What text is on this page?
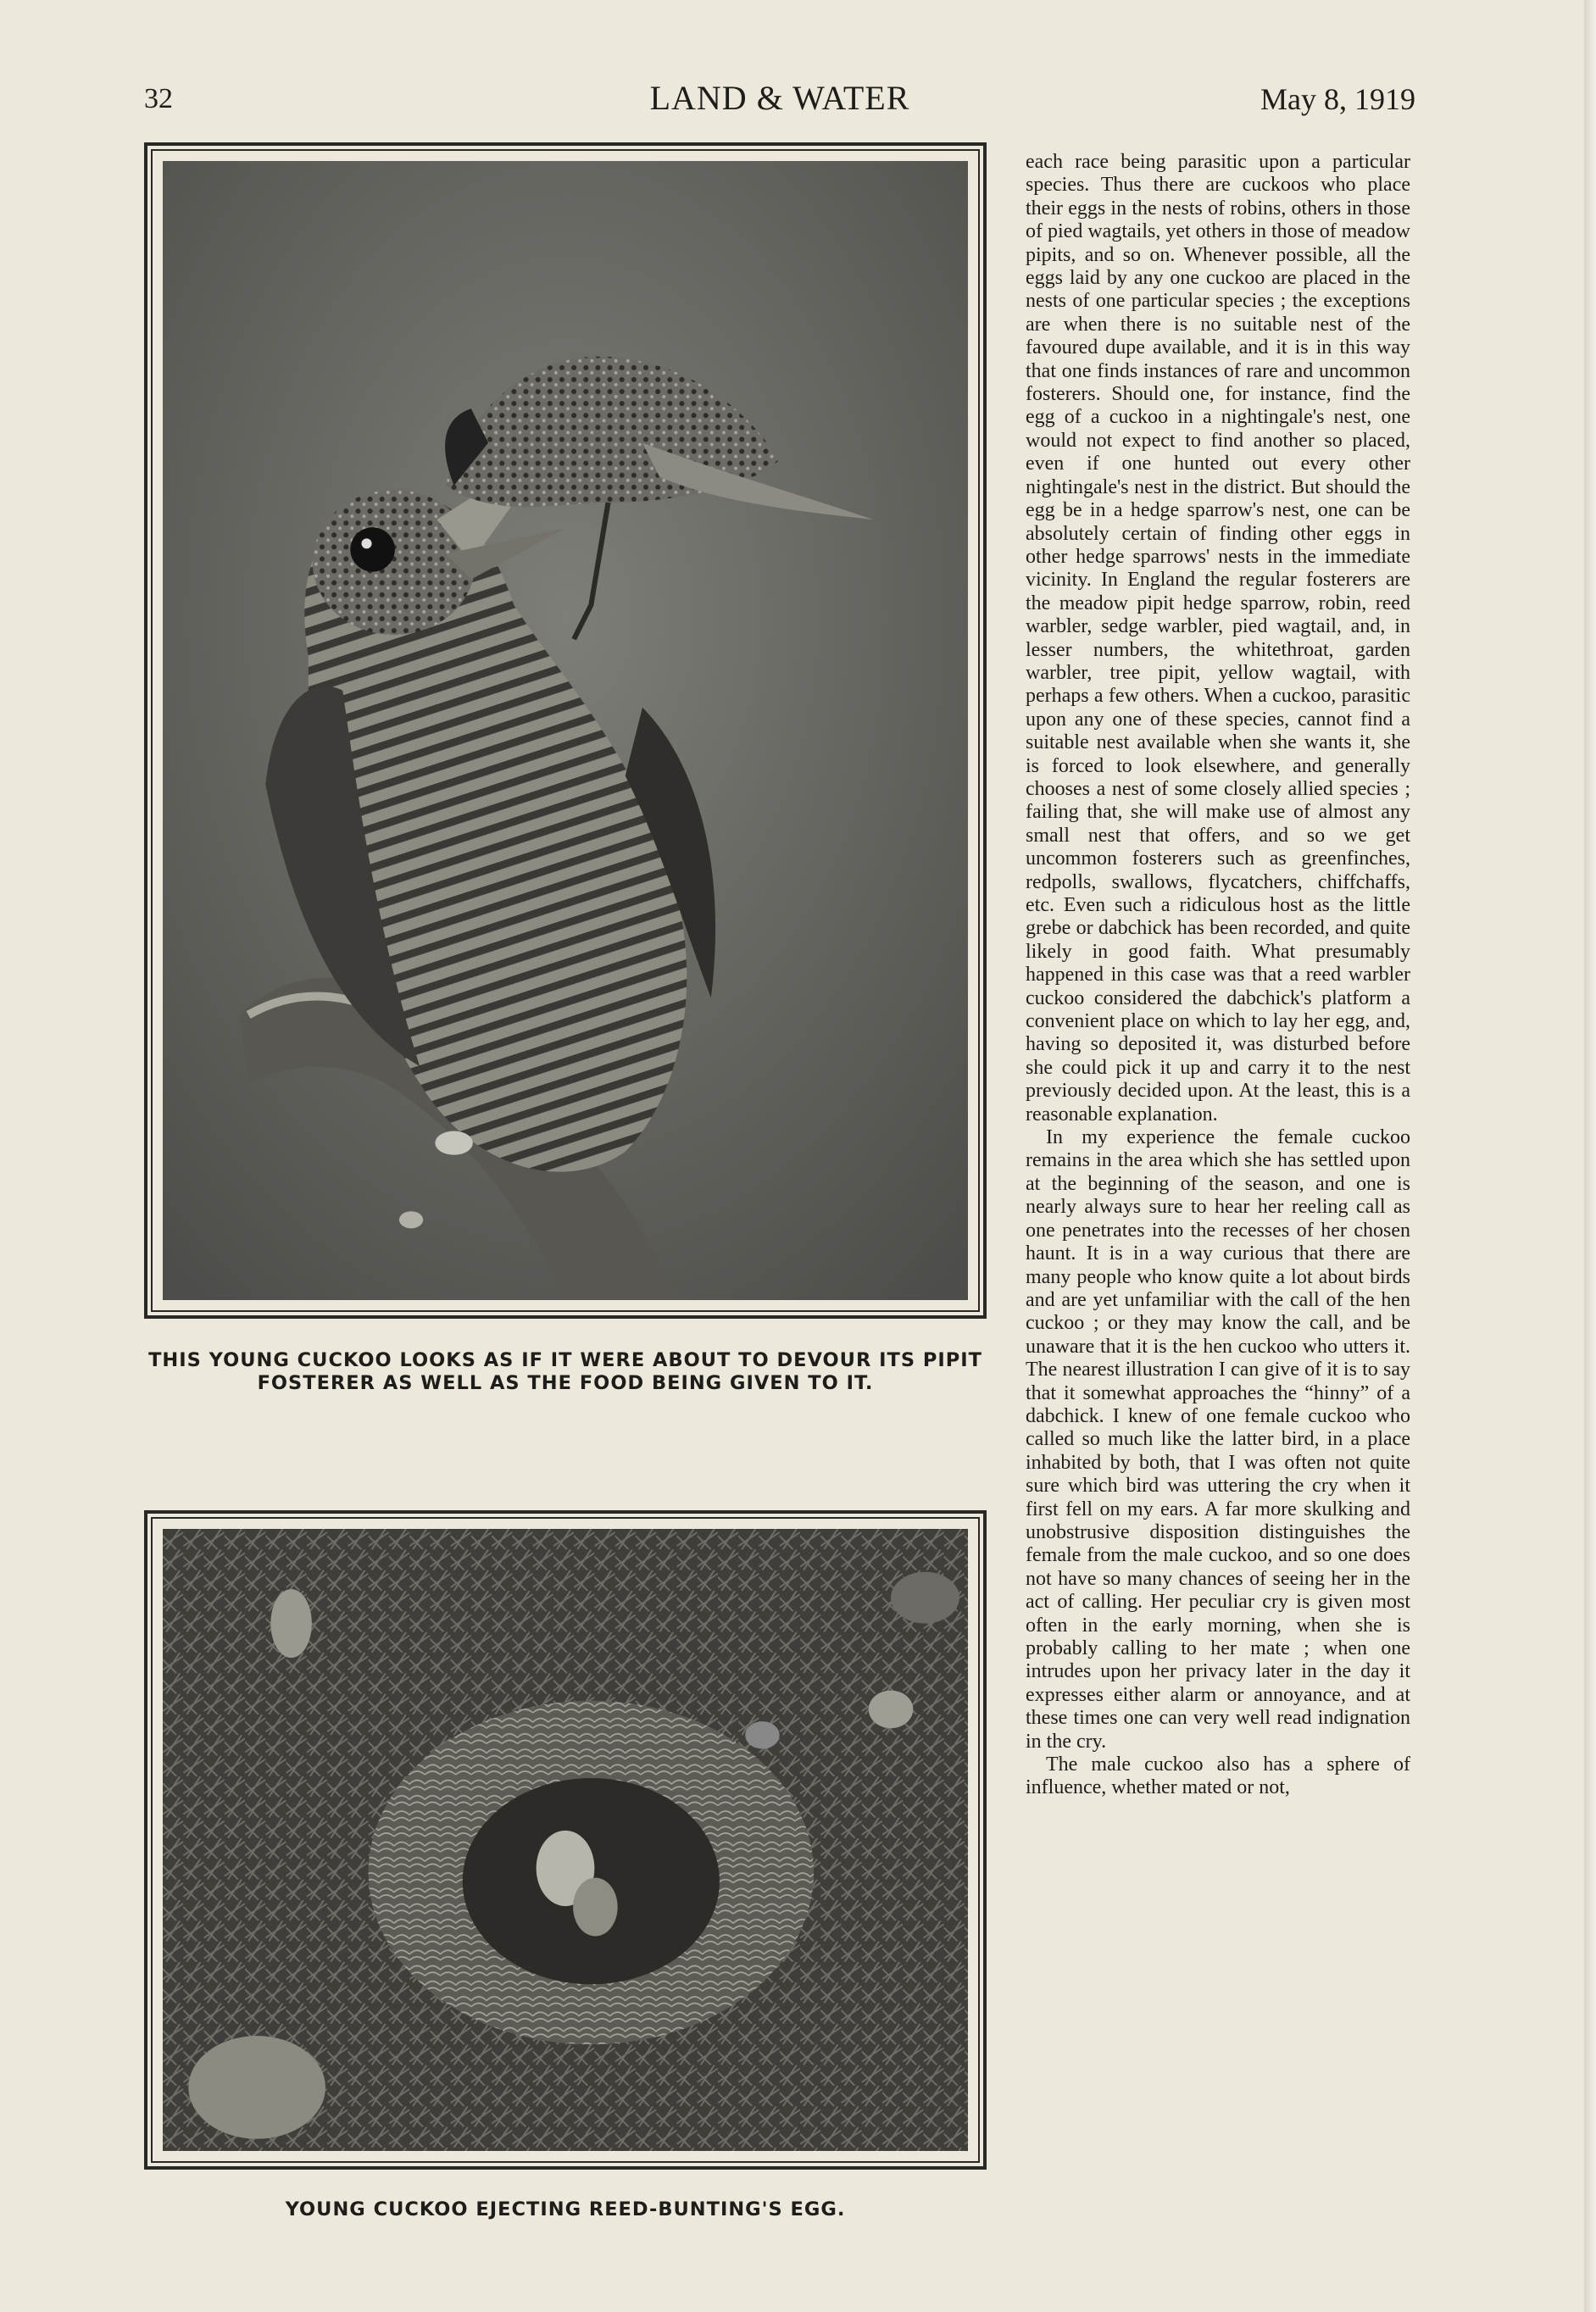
32	LAND & WATER	May 8, 1919
THIS YOUNG CUCKOO LOOKS AS IF IT WERE ABOUT TO DEVOUR ITS PIPIT FOSTERER AS WELL AS THE FOOD BEING GIVEN TO IT.
YOUNG CUCKOO EJECTING REED-BUNTING'S EGG.

each race being parasitic upon a particular species. Thus there are cuckoos who place their eggs in the nests of robins, others in those of pied wagtails, yet others in those of meadow pipits, and so on. Whenever possible, all the eggs laid by any one cuckoo are placed in the nests of one particular species ; the exceptions are when there is no suitable nest of the favoured dupe available, and it is in this way that one finds instances of rare and uncommon fosterers. Should one, for instance, find the egg of a cuckoo in a nightingale's nest, one would not expect to find another so placed, even if one hunted out every other nightingale's nest in the district. But should the egg be in a hedge sparrow's nest, one can be absolutely certain of finding other eggs in other hedge sparrows' nests in the immediate vicinity. In England the regular fosterers are the meadow pipit hedge sparrow, robin, reed warbler, sedge warbler, pied wagtail, and, in lesser numbers, the whitethroat, garden warbler, tree pipit, yellow wagtail, with perhaps a few others. When a cuckoo, parasitic upon any one of these species, cannot find a suitable nest available when she wants it, she is forced to look elsewhere, and generally chooses a nest of some closely allied species ; failing that, she will make use of almost any small nest that offers, and so we get uncommon fosterers such as greenfinches, redpolls, swallows, flycatchers, chiffchaffs, etc. Even such a ridiculous host as the little grebe or dabchick has been recorded, and quite likely in good faith. What presumably happened in this case was that a reed warbler cuckoo considered the dabchick's platform a convenient place on which to lay her egg, and, having so deposited it, was disturbed before she could pick it up and carry it to the nest previously decided upon. At the least, this is a reasonable explanation.

In my experience the female cuckoo remains in the area which she has settled upon at the beginning of the season, and one is nearly always sure to hear her reeling call as one penetrates into the recesses of her chosen haunt. It is in a way curious that there are many people who know quite a lot about birds and are yet unfamiliar with the call of the hen cuckoo ; or they may know the call, and be unaware that it is the hen cuckoo who utters it. The nearest illustration I can give of it is to say that it somewhat approaches the “hinny” of a dabchick. I knew of one female cuckoo who called so much like the latter bird, in a place inhabited by both, that I was often not quite sure which bird was uttering the cry when it first fell on my ears. A far more skulking and unobstrusive disposition distinguishes the female from the male cuckoo, and so one does not have so many chances of seeing her in the act of calling. Her peculiar cry is given most often in the early morning, when she is probably calling to her mate ; when one intrudes upon her privacy later in the day it expresses either alarm or annoyance, and at these times one can very well read indignation in the cry.

The male cuckoo also has a sphere of influence, whether mated or not,
